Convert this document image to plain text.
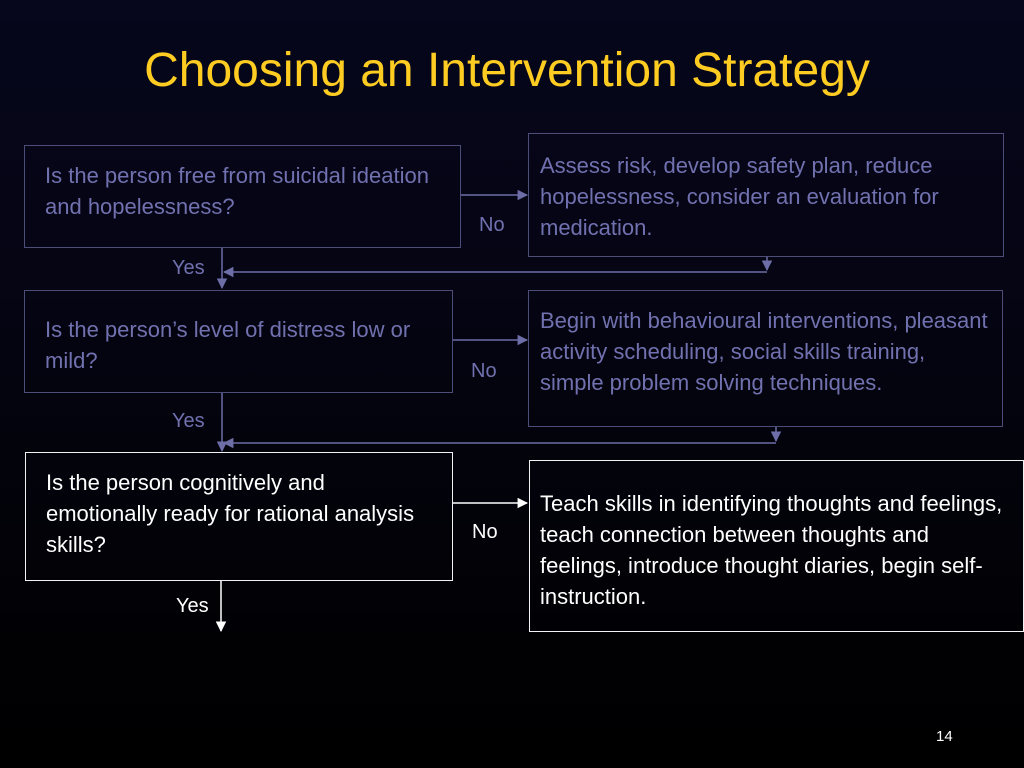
Choosing an Intervention Strategy
Is the person free from suicidal ideation and hopelessness?
Assess risk, develop safety plan, reduce hopelessness, consider an evaluation for medication.
No
Yes
Is the person’s level of distress low or mild?
Begin with behavioural interventions, pleasant activity scheduling, social skills training, simple problem solving techniques.
No
Yes
Is the person cognitively and emotionally ready for rational analysis skills?
Teach skills in identifying thoughts and feelings, teach connection between thoughts and feelings, introduce thought diaries, begin self-instruction.
No
Yes
14
